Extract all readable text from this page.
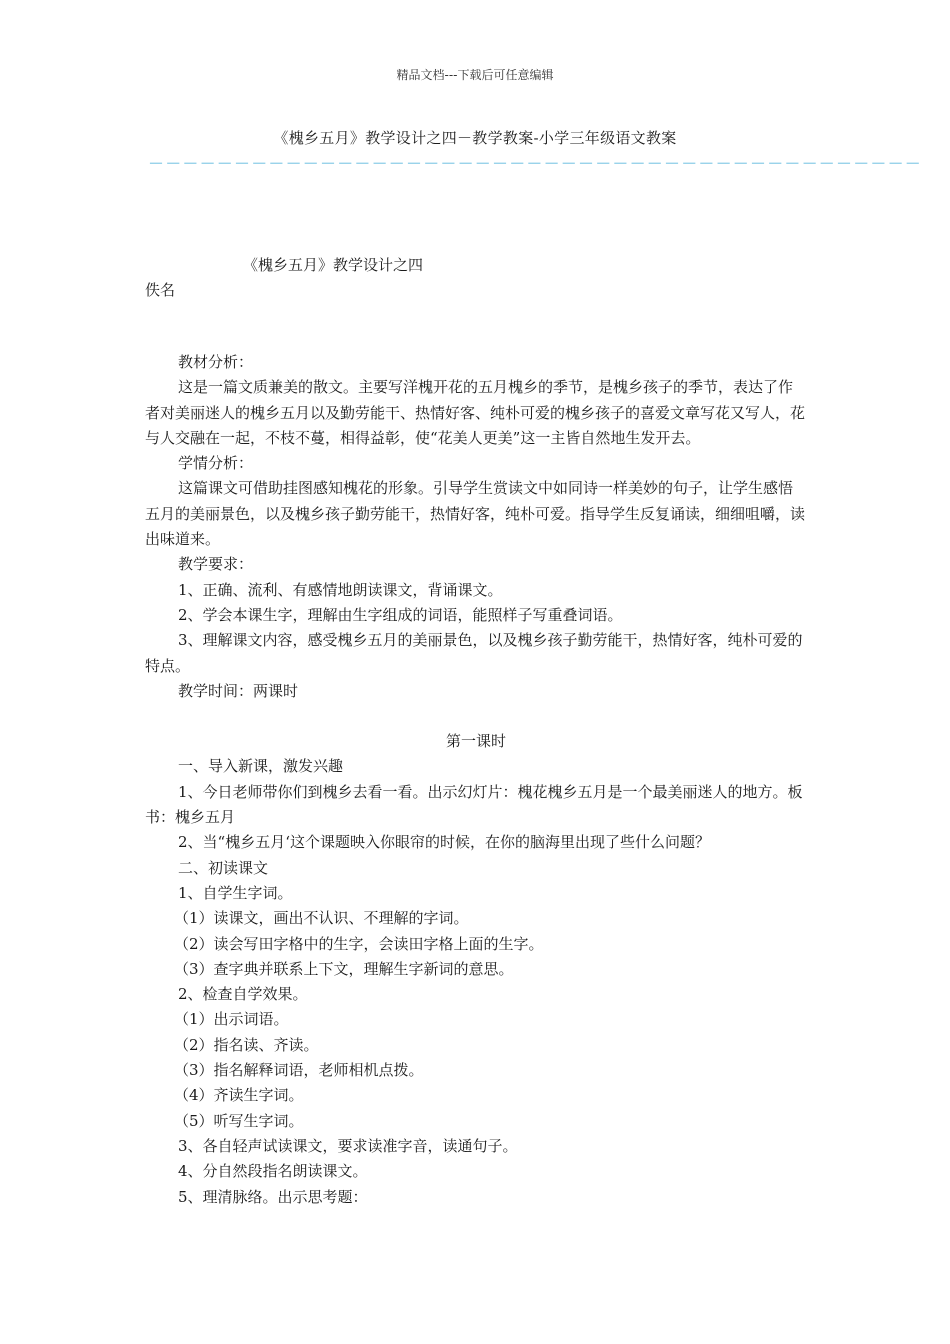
精品文档---下载后可任意编辑
《槐乡五月》教学设计之四－教学教案-小学三年级语文教案
－－－－－－－－－－－－－－－－－－－－－－－－－－－－－－－－－－－－－－－－－－－－－
《槐乡五月》教学设计之四
佚名

教材分析：

这是一篇文质兼美的散文。主要写洋槐开花的五月槐乡的季节，是槐乡孩子的季节，表达了作者对美丽迷人的槐乡五月以及勤劳能干、热情好客、纯朴可爱的槐乡孩子的喜爱文章写花又写人，花与人交融在一起，不枝不蔓，相得益彰，使“花美人更美”这一主皆自然地生发开去。

学情分析：

这篇课文可借助挂图感知槐花的形象。引导学生赏读文中如同诗一样美妙的句子，让学生感悟五月的美丽景色，以及槐乡孩子勤劳能干，热情好客，纯朴可爱。指导学生反复诵读，细细咀嚼，读出味道来。

教学要求：

1、正确、流利、有感情地朗读课文，背诵课文。

2、学会本课生字，理解由生字组成的词语，能照样子写重叠词语。

3、理解课文内容，感受槐乡五月的美丽景色，以及槐乡孩子勤劳能干，热情好客，纯朴可爱的特点。

教学时间：两课时

第一课时

一、导入新课，激发兴趣

1、今日老师带你们到槐乡去看一看。出示幻灯片：槐花槐乡五月是一个最美丽迷人的地方。板书：槐乡五月

2、当“槐乡五月‘这个课题映入你眼帘的时候，在你的脑海里出现了些什么问题？

二、初读课文

1、自学生字词。

（1）读课文，画出不认识、不理解的字词。

（2）读会写田字格中的生字，会读田字格上面的生字。

（3）查字典并联系上下文，理解生字新词的意思。

2、检查自学效果。

（1）出示词语。

（2）指名读、齐读。

（3）指名解释词语，老师相机点拨。

（4）齐读生字词。

（5）听写生字词。

3、各自轻声试读课文，要求读准字音，读通句子。

4、分自然段指名朗读课文。

5、理清脉络。出示思考题：
